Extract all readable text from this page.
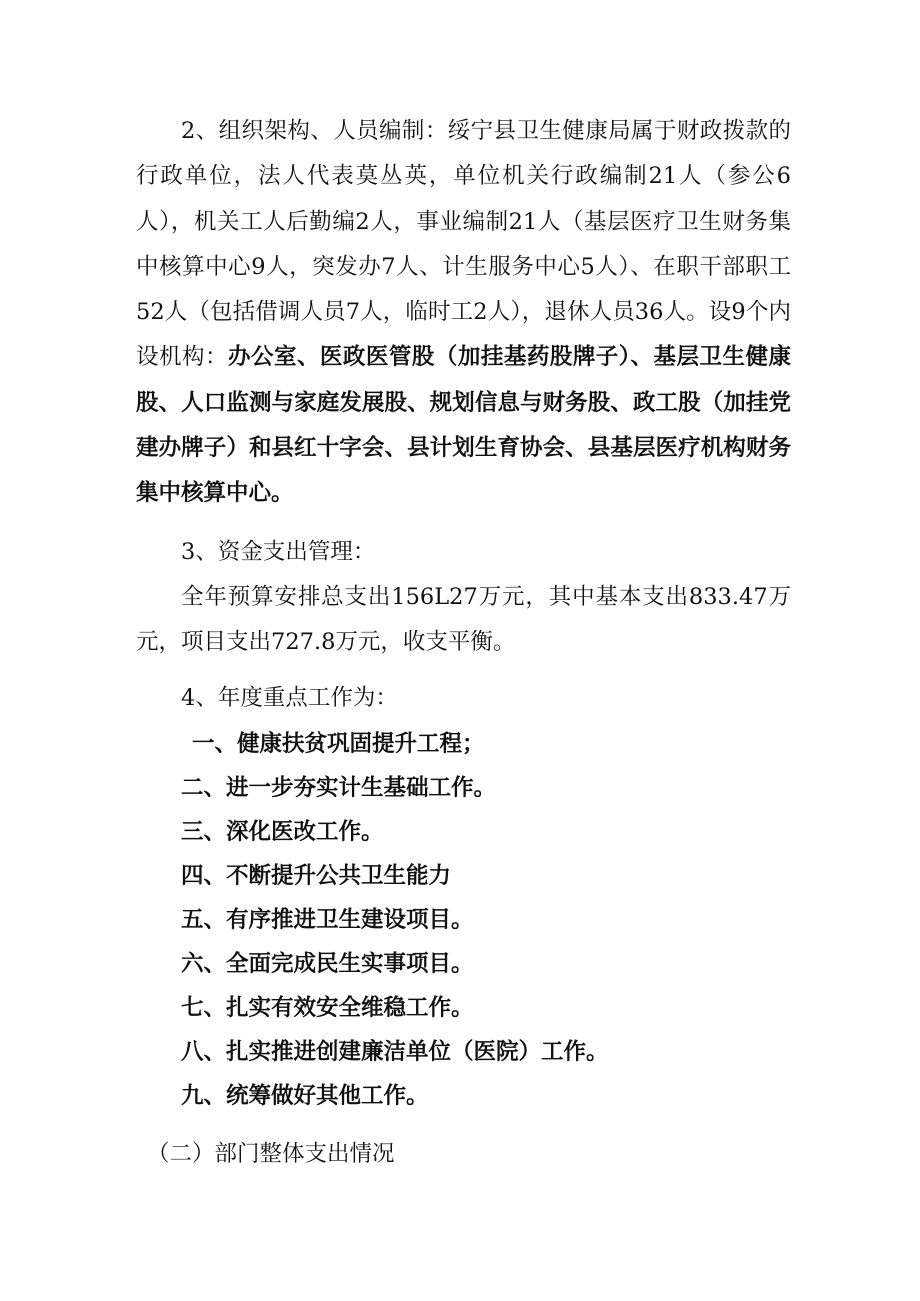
2、组织架构、人员编制：绥宁县卫生健康局属于财政拨款的行政单位，法人代表莫丛英，单位机关行政编制21人（参公6人），机关工人后勤编2人，事业编制21人（基层医疗卫生财务集中核算中心9人，突发办7人、计生服务中心5人）、在职干部职工52人（包括借调人员7人，临时工2人），退休人员36人。设9个内设机构：办公室、医政医管股（加挂基药股牌子）、基层卫生健康股、人口监测与家庭发展股、规划信息与财务股、政工股（加挂党建办牌子）和县红十字会、县计划生育协会、县基层医疗机构财务集中核算中心。

3、资金支出管理：

全年预算安排总支出156L27万元，其中基本支出833.47万元，项目支出727.8万元，收支平衡。

4、年度重点工作为：
一、健康扶贫巩固提升工程；
二、进一步夯实计生基础工作。
三、深化医改工作。
四、不断提升公共卫生能力
五、有序推进卫生建设项目。
六、全面完成民生实事项目。
七、扎实有效安全维稳工作。
八、扎实推进创建廉洁单位（医院）工作。
九、统筹做好其他工作。
（二）部门整体支出情况
